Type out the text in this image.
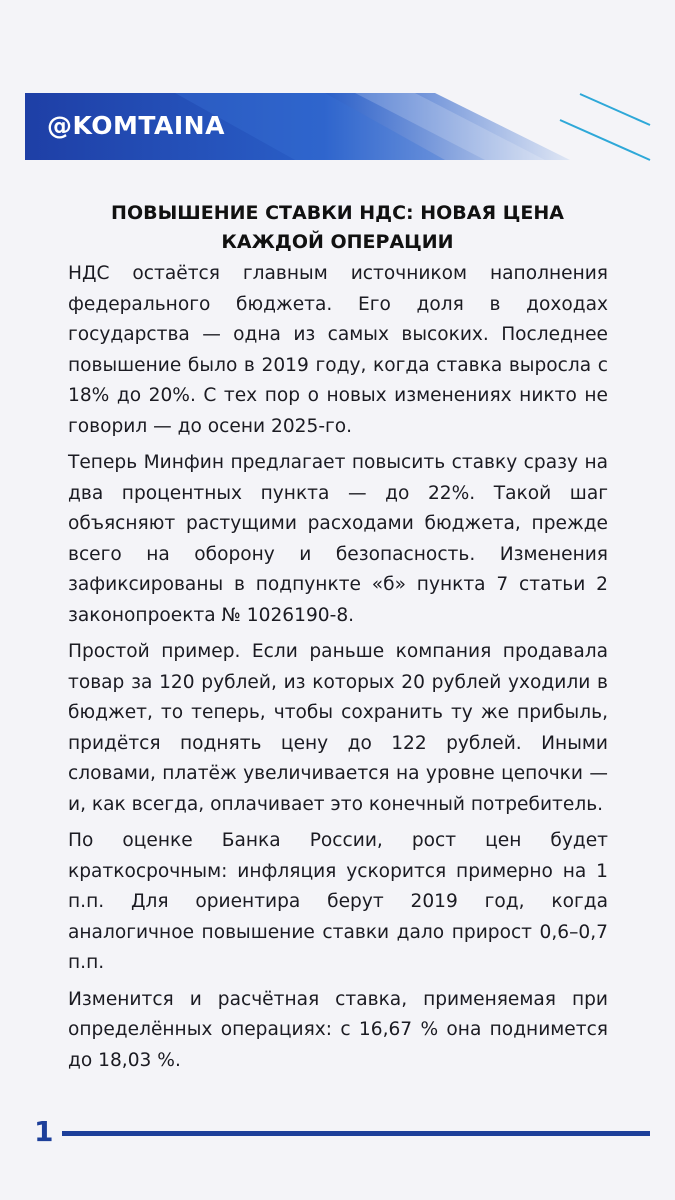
@KOMTAINA
ПОВЫШЕНИЕ СТАВКИ НДС: НОВАЯ ЦЕНА КАЖДОЙ ОПЕРАЦИИ

НДС остаётся главным источником наполнения федерального бюджета. Его доля в доходах государства — одна из самых высоких. Последнее повышение было в 2019 году, когда ставка выросла с 18% до 20%. С тех пор о новых изменениях никто не говорил — до осени 2025-го.

Теперь Минфин предлагает повысить ставку сразу на два процентных пункта — до 22%. Такой шаг объясняют растущими расходами бюджета, прежде всего на оборону и безопасность. Изменения зафиксированы в подпункте «б» пункта 7 статьи 2 законопроекта № 1026190-8.

Простой пример. Если раньше компания продавала товар за 120 рублей, из которых 20 рублей уходили в бюджет, то теперь, чтобы сохранить ту же прибыль, придётся поднять цену до 122 рублей. Иными словами, платёж увеличивается на уровне цепочки — и, как всегда, оплачивает это конечный потребитель.

По оценке Банка России, рост цен будет краткосрочным: инфляция ускорится примерно на 1 п.п. Для ориентира берут 2019 год, когда аналогичное повышение ставки дало прирост 0,6–0,7 п.п.

Изменится и расчётная ставка, применяемая при определённых операциях: с 16,67 % она поднимется до 18,03 %.

1
